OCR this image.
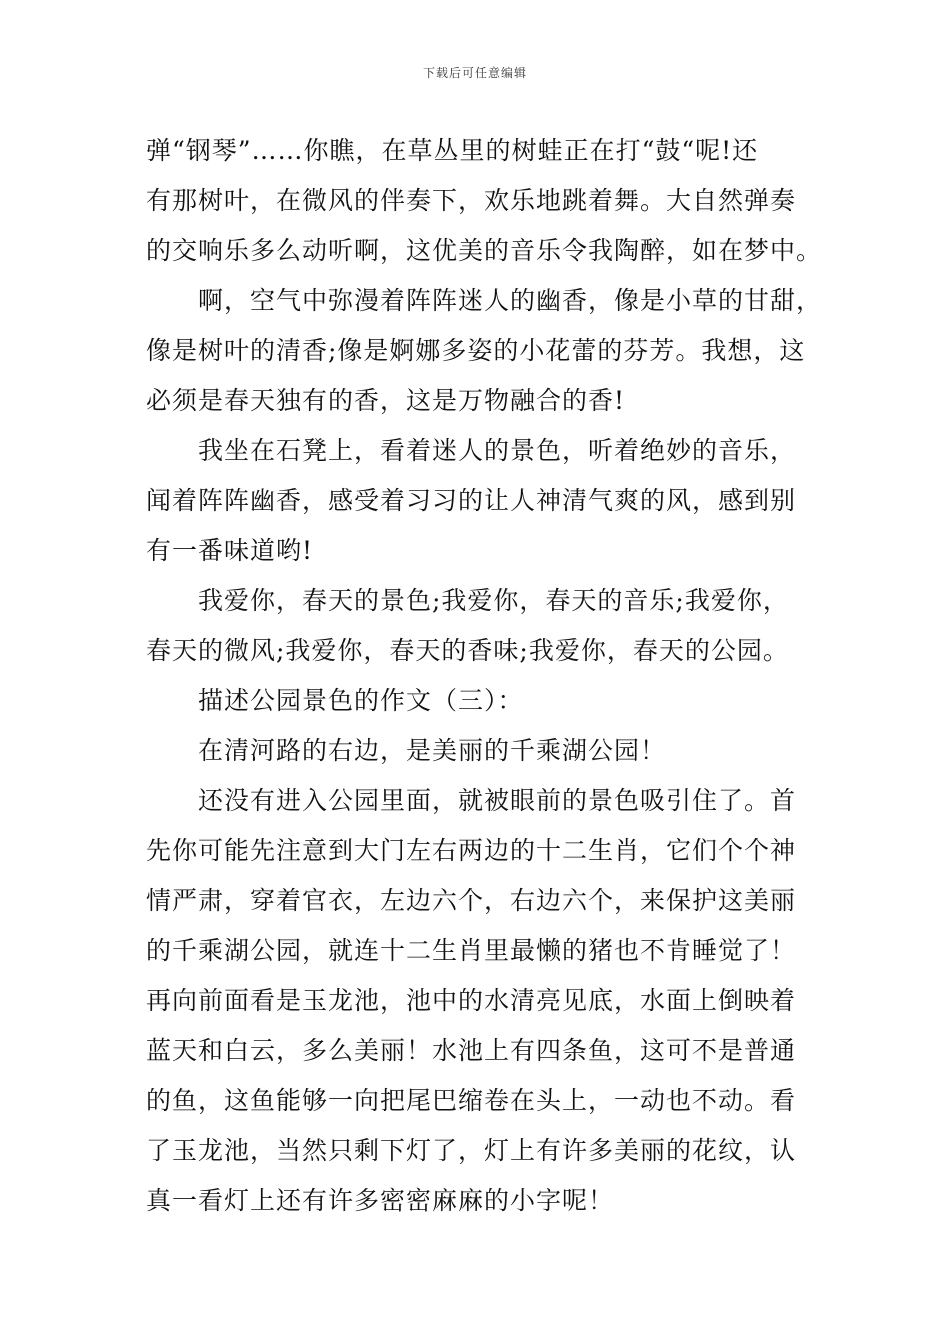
下载后可任意编辑
弹“钢琴”……你瞧，在草丛里的树蛙正在打“鼓“呢!还
有那树叶，在微风的伴奏下，欢乐地跳着舞。大自然弹奏
的交响乐多么动听啊，这优美的音乐令我陶醉，如在梦中。
啊，空气中弥漫着阵阵迷人的幽香，像是小草的甘甜，
像是树叶的清香;像是婀娜多姿的小花蕾的芬芳。我想，这
必须是春天独有的香，这是万物融合的香!
我坐在石凳上，看着迷人的景色，听着绝妙的音乐，
闻着阵阵幽香，感受着习习的让人神清气爽的风，感到别
有一番味道哟!
我爱你，春天的景色;我爱你，春天的音乐;我爱你，
春天的微风;我爱你，春天的香味;我爱你，春天的公园。
描述公园景色的作文（三）：
在清河路的右边，是美丽的千乘湖公园！
还没有进入公园里面，就被眼前的景色吸引住了。首
先你可能先注意到大门左右两边的十二生肖，它们个个神
情严肃，穿着官衣，左边六个，右边六个，来保护这美丽
的千乘湖公园，就连十二生肖里最懒的猪也不肯睡觉了！
再向前面看是玉龙池，池中的水清亮见底，水面上倒映着
蓝天和白云，多么美丽！水池上有四条鱼，这可不是普通
的鱼，这鱼能够一向把尾巴缩卷在头上，一动也不动。看
了玉龙池，当然只剩下灯了，灯上有许多美丽的花纹，认
真一看灯上还有许多密密麻麻的小字呢！
